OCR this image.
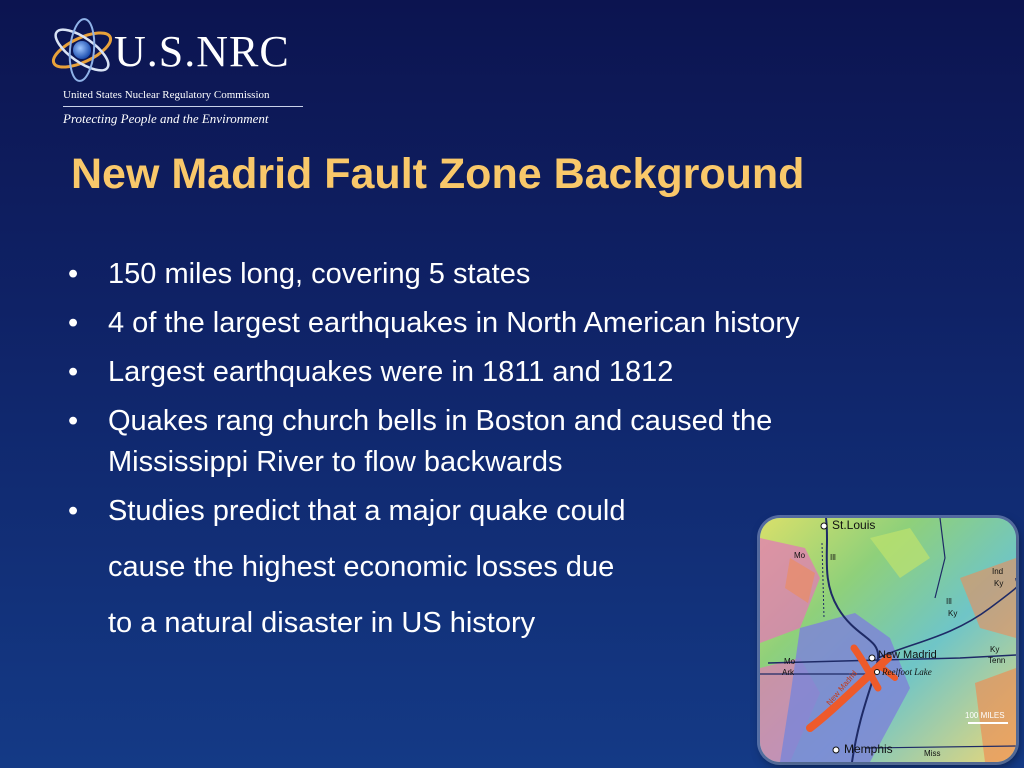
U.S.NRC
United States Nuclear Regulatory Commission
Protecting People and the Environment
New Madrid Fault Zone Background
• 150 miles long, covering 5 states
• 4 of the largest earthquakes in North American history
• Largest earthquakes were in 1811 and 1812
• Quakes rang church bells in Boston and caused the
Mississippi River to flow backwards
• Studies predict that a major quake could
cause the highest economic losses due
to a natural disaster in US history
St.Louis
New Madrid
Reelfoot Lake
Memphis
Mo	Ill
Ind
Ky
Ill
Ky
Ky
Tenn
Mo
Ark
Miss
100 MILES
New Madrid
